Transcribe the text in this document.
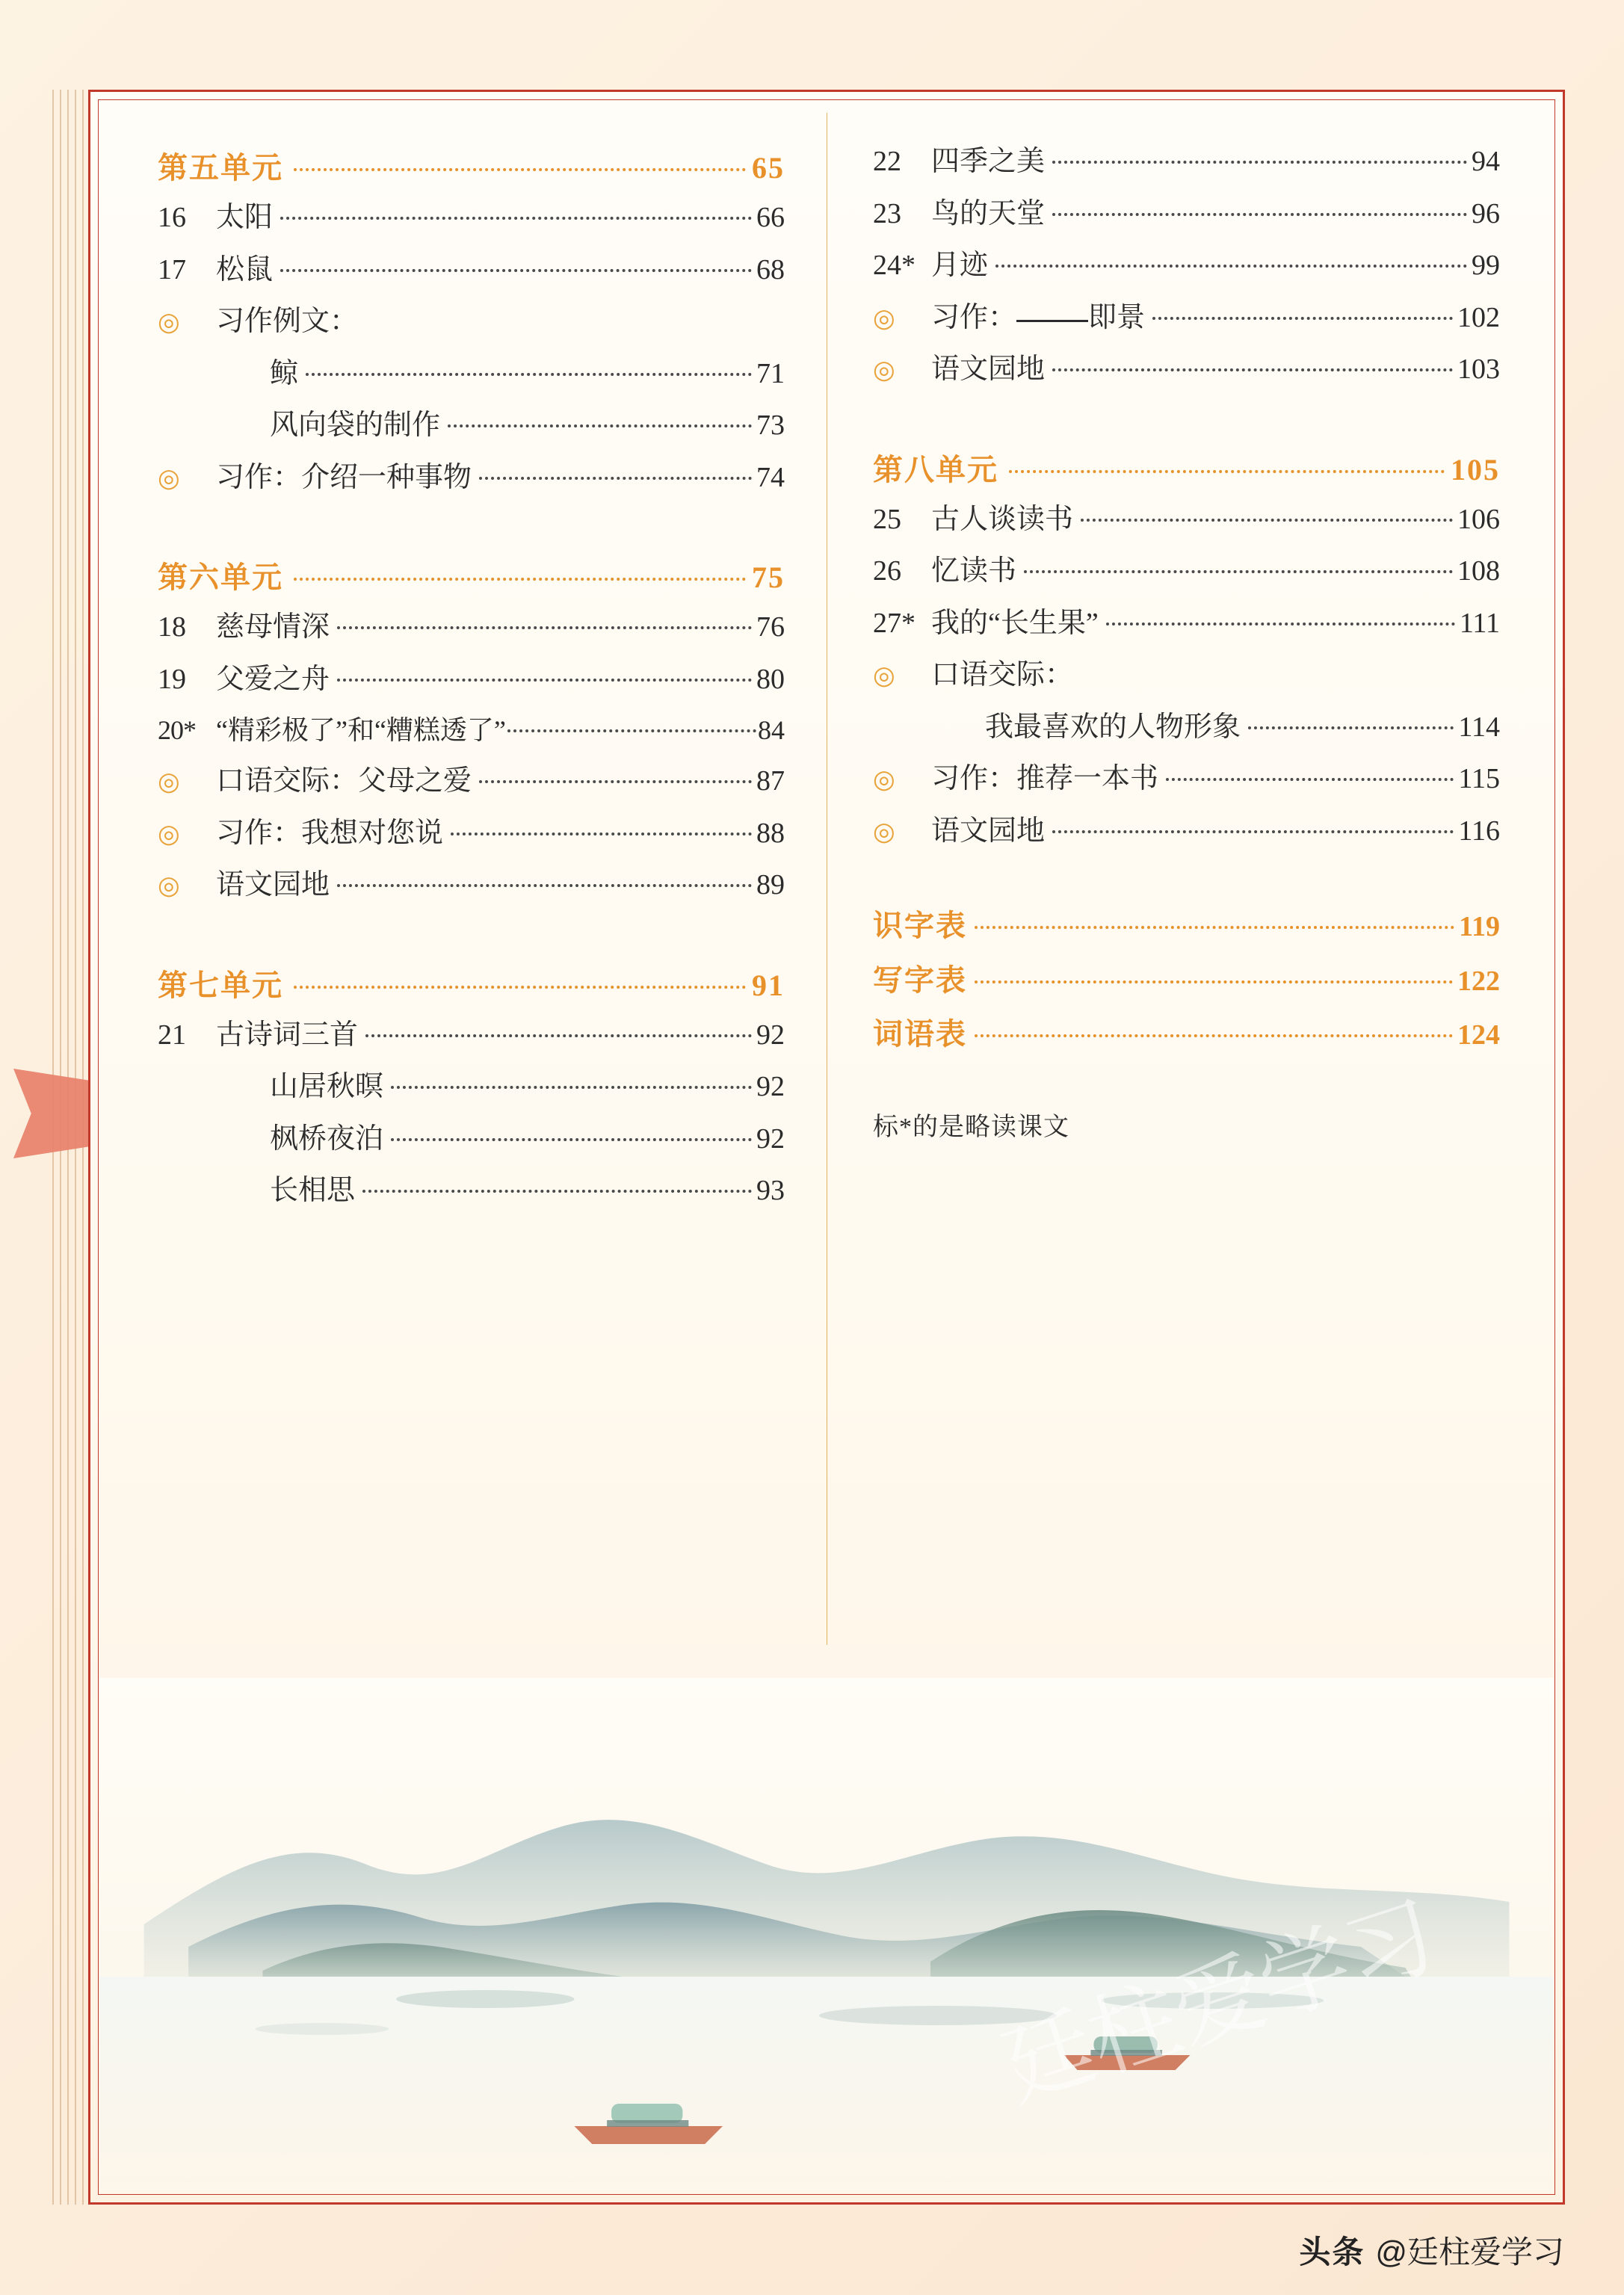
第五单元	65
16	太阳	66
17	松鼠	68
◎	习作例文：
鲸	71
风向袋的制作	73
◎	习作：介绍一种事物	74
第六单元	75
18	慈母情深	76
19	父爱之舟	80
20* “精彩极了”和“糟糕透了”	84
◎	口语交际：父母之爱	87
◎	习作：我想对您说	88
◎	语文园地	89
第七单元	91
21	古诗词三首	92
山居秋暝	92
枫桥夜泊	92
长相思	93
22	四季之美	94
23	鸟的天堂	96
24* 月迹	99
◎	习作：	即景	102
◎	语文园地	103
第八单元	105
25	古人谈读书	106
26	忆读书	108
27* 我的“长生果”	111
◎	口语交际：
我最喜欢的人物形象	114
◎	习作：推荐一本书	115
◎	语文园地	116
识字表	119
写字表	122
词语表	124
标*的是略读课文
廷柱爱学习
头条 @廷柱爱学习
